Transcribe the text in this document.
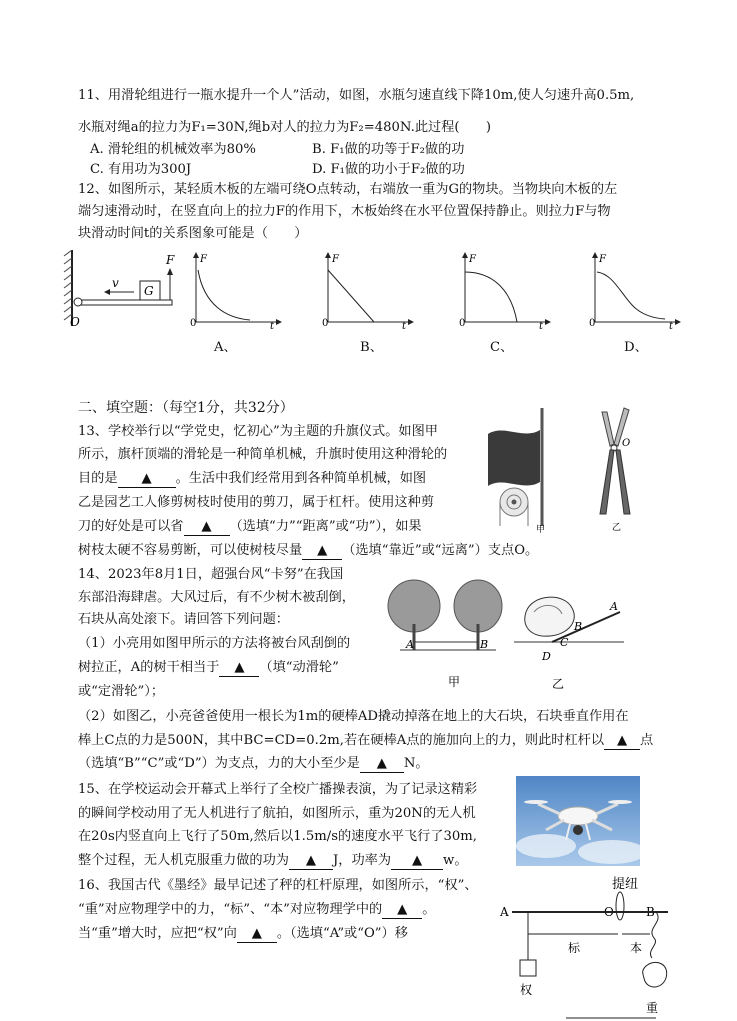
11、用滑轮组进行一瓶水提升一个人”活动，如图，水瓶匀速直线下降10m,使人匀速升高0.5m,
水瓶对绳a的拉力为F₁=30N,绳b对人的拉力为F₂=480N.此过程(　　)
A. 滑轮组的机械效率为80%	B. F₁做的功等于F₂做的功
C. 有用功为300J	D. F₁做的功小于F₂做的功
12、如图所示，某轻质木板的左端可绕O点转动，右端放一重为G的物块。当物块向木板的左
端匀速滑动时，在竖直向上的拉力F的作用下，木板始终在水平位置保持静止。则拉力F与物
块滑动时间t的关系图象可能是（　　）
G
v
F
O
F
0	t
F
0	t
F
0	t
F
0	t
A、	B、	C、	D、
二、填空题：（每空1分，共32分）
13、学校举行以“学党史，忆初心”为主题的升旗仪式。如图甲
所示，旗杆顶端的滑轮是一种简单机械，升旗时使用这种滑轮的
目的是 ▲ 。生活中我们经常用到各种简单机械，如图
乙是园艺工人修剪树枝时使用的剪刀，属于杠杆。使用这种剪
刀的好处是可以省 ▲ （选填“力”“距离”或“功”），如果
树枝太硬不容易剪断，可以使树枝尽量 ▲ （选填“靠近”或“远离”）支点O。
甲
O
乙
14、2023年8月1日，超强台风“卡努”在我国
东部沿海肆虐。大风过后，有不少树木被刮倒，
石块从高处滚下。请回答下列问题：
（1）小亮用如图甲所示的方法将被台风刮倒的
树拉正，A的树干相当于 ▲ （填“动滑轮”
或“定滑轮”）；
（2）如图乙，小亮爸爸使用一根长为1m的硬棒AD撬动掉落在地上的大石块，石块垂直作用在
棒上C点的力是500N，其中BC=CD=0.2m,若在硬棒A点的施加向上的力，则此时杠杆以 ▲ 点
（选填“B”“C”或“D”）为支点，力的大小至少是 ▲ N。
A	B
甲
A
B
C
D
乙
15、在学校运动会开幕式上举行了全校广播操表演，为了记录这精彩
的瞬间学校动用了无人机进行了航拍，如图所示，重为20N的无人机
在20s内竖直向上飞行了50m,然后以1.5m/s的速度水平飞行了30m,
整个过程，无人机克服重力做的功为 ▲ J，功率为 ▲ w。
16、我国古代《墨经》最早记述了秤的杠杆原理，如图所示，“权”、
“重”对应物理学中的力，“标”、“本”对应物理学中的 ▲ 。
当“重”增大时，应把“权”向 ▲ 。（选填“A”或“O”）移
提纽
A	O	B
权
标	本
重
